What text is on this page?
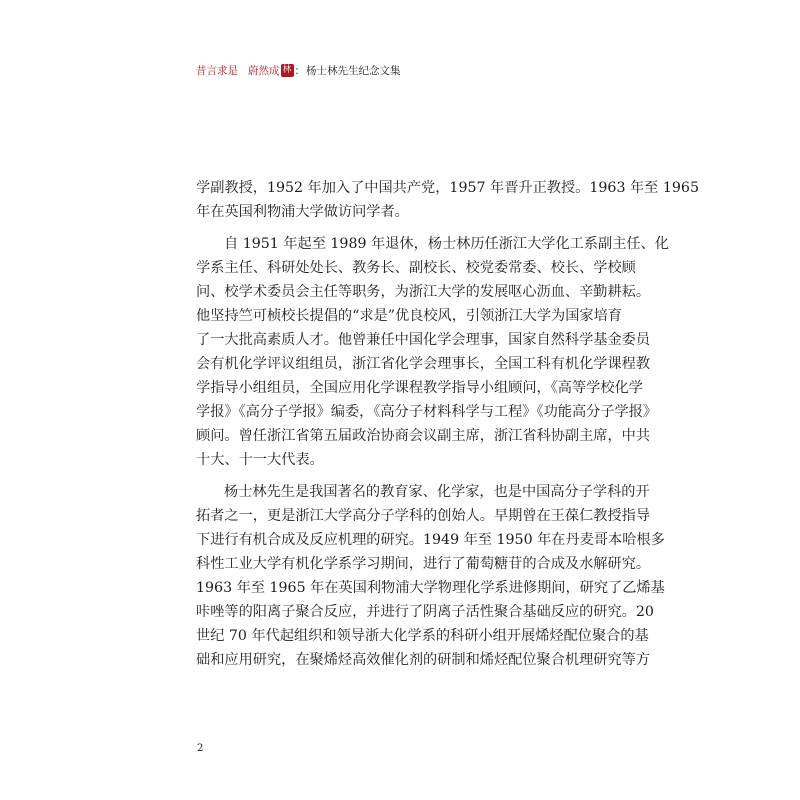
昔言求是 蔚然成 林 ： 杨士林先生纪念文集
学副教授，1952 年加入了中国共产党，1957 年晋升正教授。1963 年至 1965
年在英国利物浦大学做访问学者。
自 1951 年起至 1989 年退休，杨士林历任浙江大学化工系副主任、化
学系主任、科研处处长、教务长、副校长、校党委常委、校长、学校顾
问、校学术委员会主任等职务，为浙江大学的发展呕心沥血、辛勤耕耘。
他坚持竺可桢校长提倡的“求是”优良校风，引领浙江大学为国家培育
了一大批高素质人才。他曾兼任中国化学会理事，国家自然科学基金委员
会有机化学评议组组员，浙江省化学会理事长，全国工科有机化学课程教
学指导小组组员，全国应用化学课程教学指导小组顾问，《高等学校化学
学报》《高分子学报》编委，《高分子材料科学与工程》《功能高分子学报》
顾问。曾任浙江省第五届政治协商会议副主席，浙江省科协副主席，中共
十大、十一大代表。
杨士林先生是我国著名的教育家、化学家，也是中国高分子学科的开
拓者之一，更是浙江大学高分子学科的创始人。早期曾在王葆仁教授指导
下进行有机合成及反应机理的研究。1949 年至 1950 年在丹麦哥本哈根多
科性工业大学有机化学系学习期间，进行了葡萄糖苷的合成及水解研究。
1963 年至 1965 年在英国利物浦大学物理化学系进修期间，研究了乙烯基
咔唑等的阳离子聚合反应，并进行了阴离子活性聚合基础反应的研究。20
世纪 70 年代起组织和领导浙大化学系的科研小组开展烯烃配位聚合的基
础和应用研究，在聚烯烃高效催化剂的研制和烯烃配位聚合机理研究等方
2
